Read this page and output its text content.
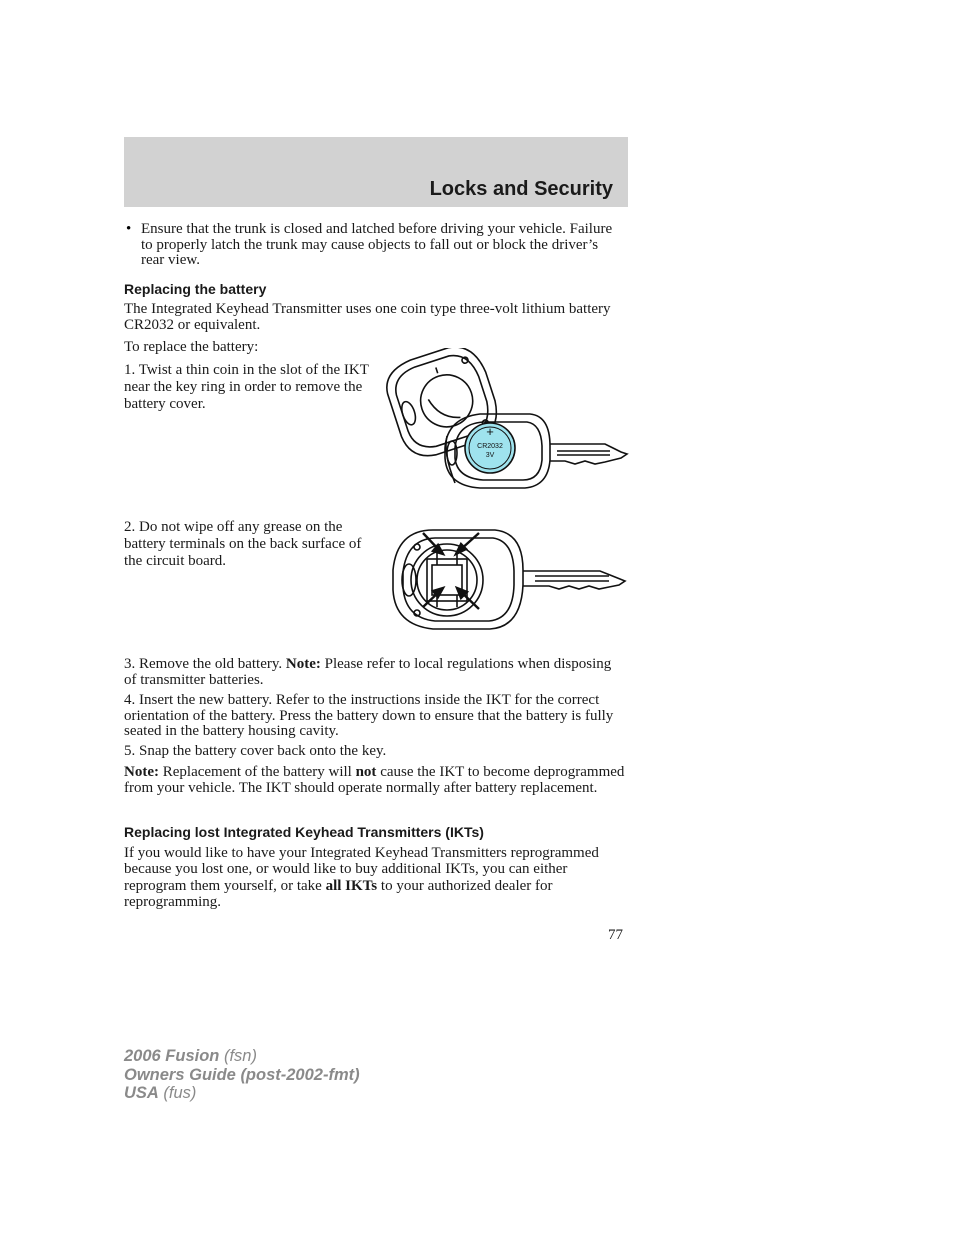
Locks and Security
• Ensure that the trunk is closed and latched before driving your vehicle. Failure to properly latch the trunk may cause objects to fall out or block the driver’s rear view.
Replacing the battery
The Integrated Keyhead Transmitter uses one coin type three-volt lithium battery CR2032 or equivalent.
To replace the battery:
1. Twist a thin coin in the slot of the IKT near the key ring in order to remove the battery cover.
+
CR2032
3V
2. Do not wipe off any grease on the battery terminals on the back surface of the circuit board.
3. Remove the old battery. Note: Please refer to local regulations when disposing of transmitter batteries.
4. Insert the new battery. Refer to the instructions inside the IKT for the correct orientation of the battery. Press the battery down to ensure that the battery is fully seated in the battery housing cavity.
5. Snap the battery cover back onto the key.
Note: Replacement of the battery will not cause the IKT to become deprogrammed from your vehicle. The IKT should operate normally after battery replacement.
Replacing lost Integrated Keyhead Transmitters (IKTs)
If you would like to have your Integrated Keyhead Transmitters reprogrammed because you lost one, or would like to buy additional IKTs, you can either reprogram them yourself, or take all IKTs to your authorized dealer for reprogramming.
77
2006 Fusion (fsn)
Owners Guide (post-2002-fmt)
USA (fus)
